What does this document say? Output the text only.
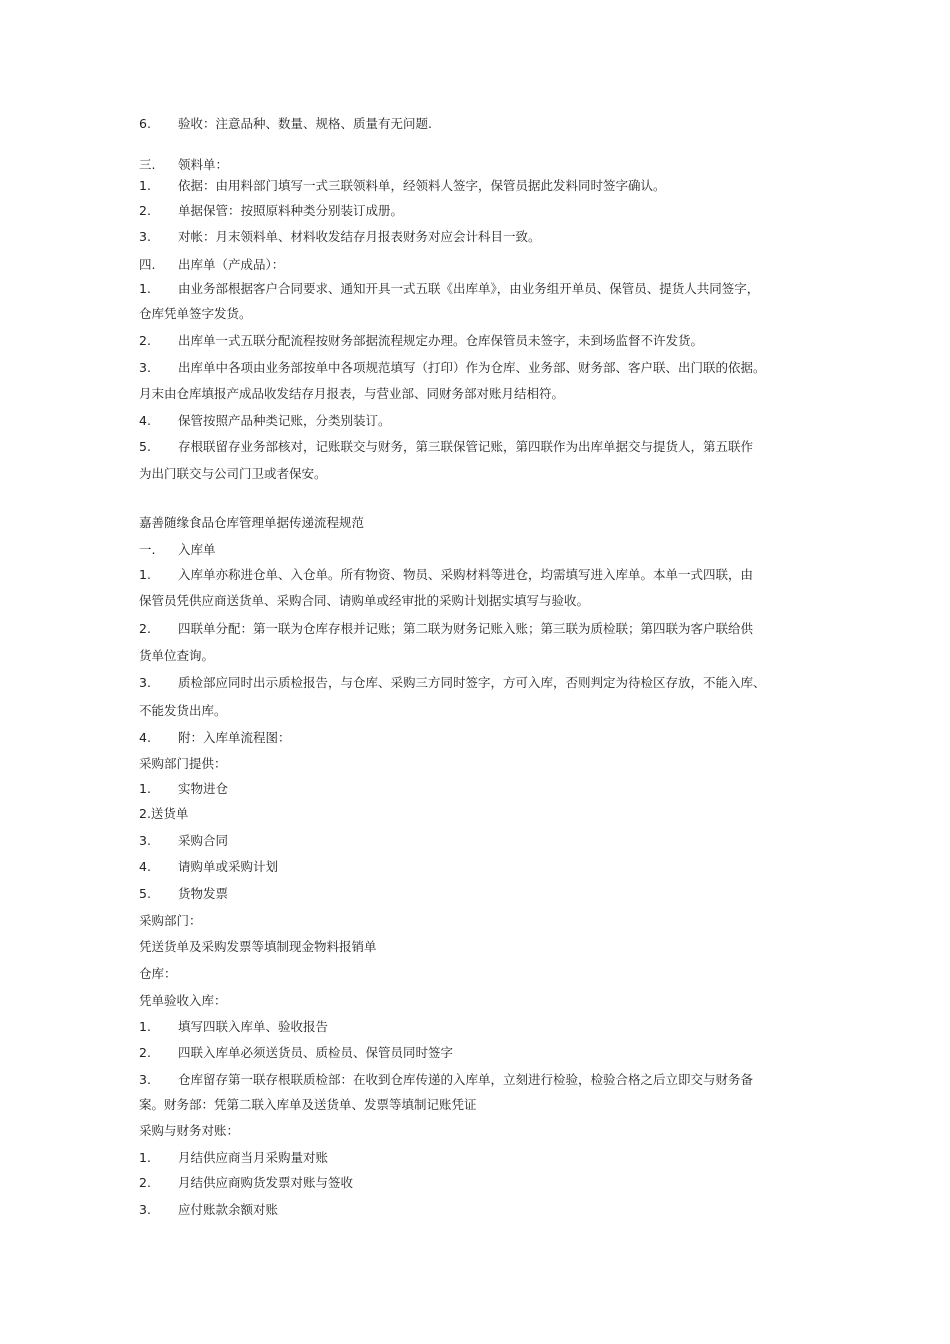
6. 验收：注意品种、数量、规格、质量有无问题.
三. 领料单：
1. 依据：由用料部门填写一式三联领料单，经领料人签字，保管员据此发料同时签字确认。
2. 单据保管：按照原料种类分别装订成册。
3. 对帐：月末领料单、材料收发结存月报表财务对应会计科目一致。
四. 出库单（产成品）：
1. 由业务部根据客户合同要求、通知开具一式五联《出库单》，由业务组开单员、保管员、提货人共同签字，
仓库凭单签字发货。
2. 出库单一式五联分配流程按财务部据流程规定办理。仓库保管员未签字，未到场监督不许发货。
3. 出库单中各项由业务部按单中各项规范填写（打印）作为仓库、业务部、财务部、客户联、出门联的依据。
月末由仓库填报产成品收发结存月报表，与营业部、同财务部对账月结相符。
4. 保管按照产品种类记账，分类别装订。
5. 存根联留存业务部核对，记账联交与财务，第三联保管记账，第四联作为出库单据交与提货人，第五联作
为出门联交与公司门卫或者保安。
嘉善随缘食品仓库管理单据传递流程规范
一. 入库单
1. 入库单亦称进仓单、入仓单。所有物资、物员、采购材料等进仓，均需填写进入库单。本单一式四联，由
保管员凭供应商送货单、采购合同、请购单或经审批的采购计划据实填写与验收。
2. 四联单分配：第一联为仓库存根并记账；第二联为财务记账入账；第三联为质检联；第四联为客户联给供
货单位查询。
3. 质检部应同时出示质检报告，与仓库、采购三方同时签字，方可入库，否则判定为待检区存放，不能入库、
不能发货出库。
4. 附：入库单流程图：
采购部门提供：
1. 实物进仓
2.送货单
3. 采购合同
4. 请购单或采购计划
5. 货物发票
采购部门：
凭送货单及采购发票等填制现金物料报销单
仓库：
凭单验收入库：
1. 填写四联入库单、验收报告
2. 四联入库单必须送货员、质检员、保管员同时签字
3. 仓库留存第一联存根联质检部：在收到仓库传递的入库单，立刻进行检验，检验合格之后立即交与财务备
案。财务部：凭第二联入库单及送货单、发票等填制记账凭证
采购与财务对账：
1. 月结供应商当月采购量对账
2. 月结供应商购货发票对账与签收
3. 应付账款余额对账
